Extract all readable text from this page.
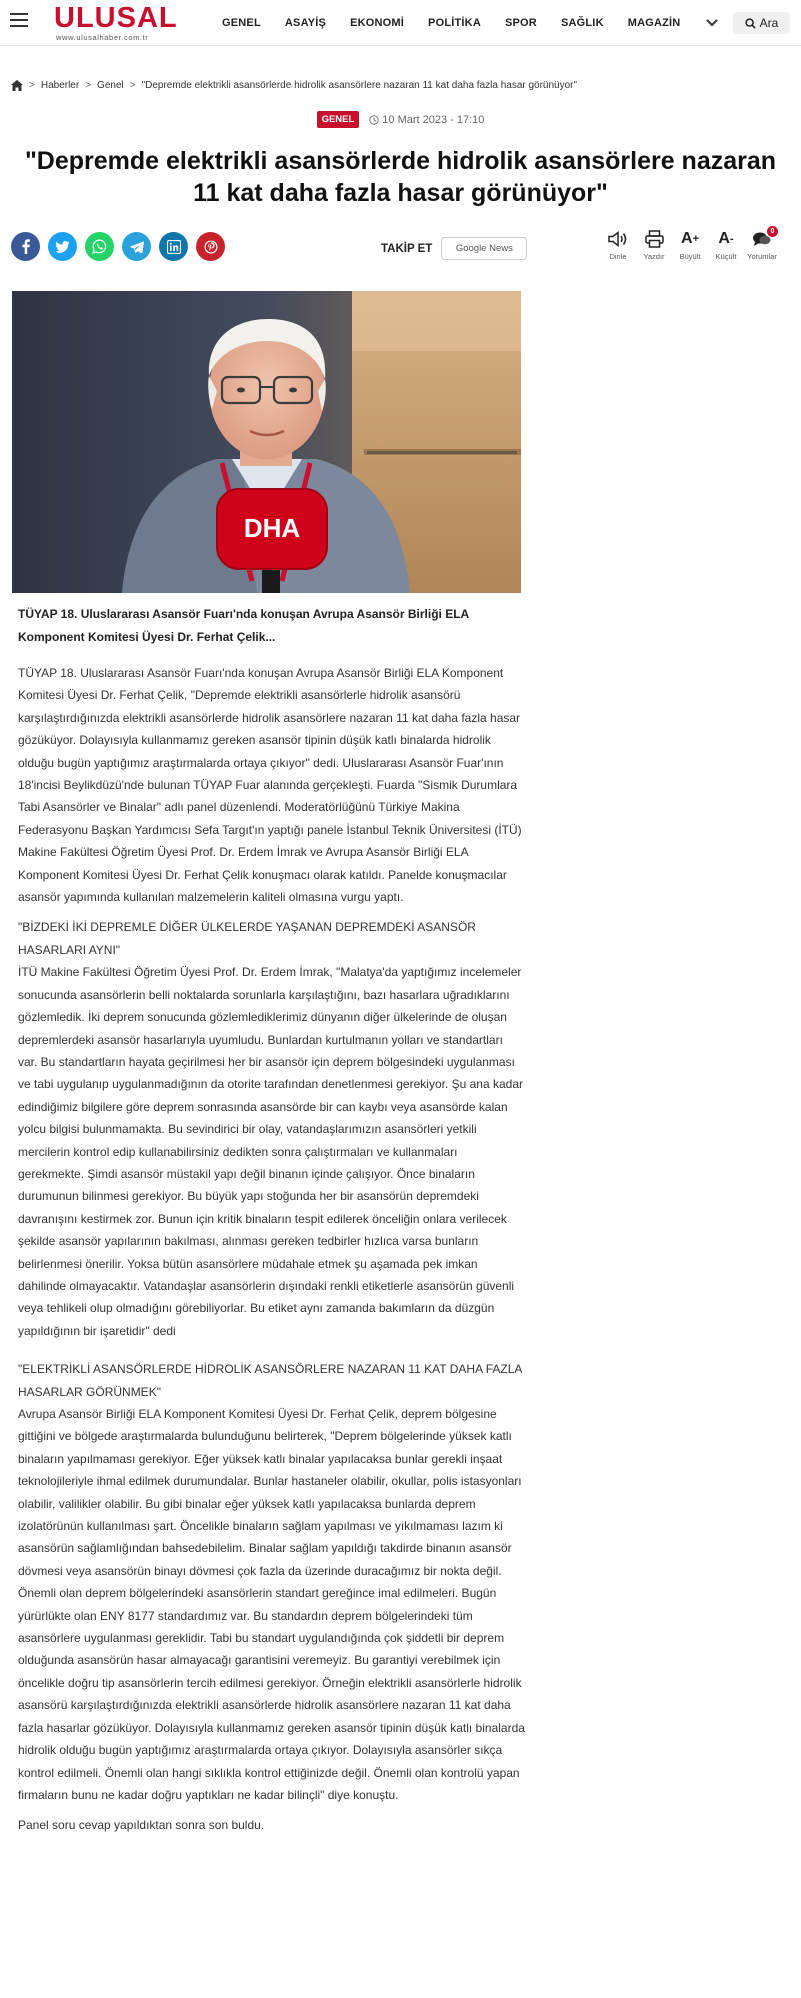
ULUSAL
www.ulusalhaber.com.tr
GENEL ASAYİŞ EKONOMİ POLİTİKA SPOR SAĞLIK MAGAZİN	Ara
> Haberler > Genel > "Depremde elektrikli asansörlerde hidrolik asansörlere nazaran 11 kat daha fazla hasar görünüyor"
GENEL	10 Mart 2023 - 17:10
"Depremde elektrikli asansörlerde hidrolik asansörlere nazaran 11 kat daha fazla hasar görünüyor"
TAKİP ET Google News
Dinle Yazdır
A +
Büyült
A -
Küçült
0
Yorumlar
DHA
TÜYAP 18. Uluslararası Asansör Fuarı'nda konuşan Avrupa Asansör Birliği ELA Komponent Komitesi Üyesi Dr. Ferhat Çelik...

TÜYAP 18. Uluslararası Asansör Fuarı'nda konuşan Avrupa Asansör Birliği ELA Komponent Komitesi Üyesi Dr. Ferhat Çelik, "Depremde elektrikli asansörlerle hidrolik asansörü karşılaştırdığınızda elektrikli asansörlerde hidrolik asansörlere nazaran 11 kat daha fazla hasar gözüküyor. Dolayısıyla kullanmamız gereken asansör tipinin düşük katlı binalarda hidrolik olduğu bugün yaptığımız araştırmalarda ortaya çıkıyor" dedi. Uluslararası Asansör Fuar'ının 18'incisi Beylikdüzü'nde bulunan TÜYAP Fuar alanında gerçekleşti. Fuarda "Sismik Durumlara Tabi Asansörler ve Binalar" adlı panel düzenlendi. Moderatörlüğünü Türkiye Makina Federasyonu Başkan Yardımcısı Sefa Targıt'ın yaptığı panele İstanbul Teknik Üniversitesi (İTÜ) Makine Fakültesi Öğretim Üyesi Prof. Dr. Erdem İmrak ve Avrupa Asansör Birliği ELA Komponent Komitesi Üyesi Dr. Ferhat Çelik konuşmacı olarak katıldı. Panelde konuşmacılar asansör yapımında kullanılan malzemelerin kaliteli olmasına vurgu yaptı.

"BİZDEKİ İKİ DEPREMLE DİĞER ÜLKELERDE YAŞANAN DEPREMDEKİ ASANSÖR HASARLARI AYNI"

İTÜ Makine Fakültesi Öğretim Üyesi Prof. Dr. Erdem İmrak, "Malatya'da yaptığımız incelemeler sonucunda asansörlerin belli noktalarda sorunlarla karşılaştığını, bazı hasarlara uğradıklarını gözlemledik. İki deprem sonucunda gözlemlediklerimiz dünyanın diğer ülkelerinde de oluşan depremlerdeki asansör hasarlarıyla uyumludu. Bunlardan kurtulmanın yolları ve standartları var. Bu standartların hayata geçirilmesi her bir asansör için deprem bölgesindeki uygulanması ve tabi uygulanıp uygulanmadığının da otorite tarafından denetlenmesi gerekiyor. Şu ana kadar edindiğimiz bilgilere göre deprem sonrasında asansörde bir can kaybı veya asansörde kalan yolcu bilgisi bulunmamakta. Bu sevindirici bir olay, vatandaşlarımızın asansörleri yetkili mercilerin kontrol edip kullanabilirsiniz dedikten sonra çalıştırmaları ve kullanmaları gerekmekte. Şimdi asansör müstakil yapı değil binanın içinde çalışıyor. Önce binaların durumunun bilinmesi gerekiyor. Bu büyük yapı stoğunda her bir asansörün depremdeki davranışını kestirmek zor. Bunun için kritik binaların tespit edilerek önceliğin onlara verilecek şekilde asansör yapılarının bakılması, alınması gereken tedbirler hızlıca varsa bunların belirlenmesi önerilir. Yoksa bütün asansörlere müdahale etmek şu aşamada pek imkan dahilinde olmayacaktır. Vatandaşlar asansörlerin dışındaki renkli etiketlerle asansörün güvenli veya tehlikeli olup olmadığını görebiliyorlar. Bu etiket aynı zamanda bakımların da düzgün yapıldığının bir işaretidir" dedi

"ELEKTRİKLİ ASANSÖRLERDE HİDROLİK ASANSÖRLERE NAZARAN 11 KAT DAHA FAZLA HASARLAR GÖRÜNMEK"

Avrupa Asansör Birliği ELA Komponent Komitesi Üyesi Dr. Ferhat Çelik, deprem bölgesine gittiğini ve bölgede araştırmalarda bulunduğunu belirterek, "Deprem bölgelerinde yüksek katlı binaların yapılmaması gerekiyor. Eğer yüksek katlı binalar yapılacaksa bunlar gerekli inşaat teknolojileriyle ihmal edilmek durumundalar. Bunlar hastaneler olabilir, okullar, polis istasyonları olabilir, valilikler olabilir. Bu gibi binalar eğer yüksek katlı yapılacaksa bunlarda deprem izolatörünün kullanılması şart. Öncelikle binaların sağlam yapılması ve yıkılmaması lazım ki asansörün sağlamlığından bahsedebilelim. Binalar sağlam yapıldığı takdirde binanın asansör dövmesi veya asansörün binayı dövmesi çok fazla da üzerinde duracağımız bir nokta değil. Önemli olan deprem bölgelerindeki asansörlerin standart gereğince imal edilmeleri. Bugün yürürlükte olan ENY 8177 standardımız var. Bu standardın deprem bölgelerindeki tüm asansörlere uygulanması gereklidir. Tabi bu standart uygulandığında çok şiddetli bir deprem olduğunda asansörün hasar almayacağı garantisini veremeyiz. Bu garantiyi verebilmek için öncelikle doğru tip asansörlerin tercih edilmesi gerekiyor. Örneğin elektrikli asansörlerle hidrolik asansörü karşılaştırdığınızda elektrikli asansörlerde hidrolik asansörlere nazaran 11 kat daha fazla hasarlar gözüküyor. Dolayısıyla kullanmamız gereken asansör tipinin düşük katlı binalarda hidrolik olduğu bugün yaptığımız araştırmalarda ortaya çıkıyor. Dolayısıyla asansörler sıkça kontrol edilmeli. Önemli olan hangi sıklıkla kontrol ettiğinizde değil. Önemli olan kontrolü yapan firmaların bunu ne kadar doğru yaptıkları ne kadar bilinçli" diye konuştu.

Panel soru cevap yapıldıktan sonra son buldu.
